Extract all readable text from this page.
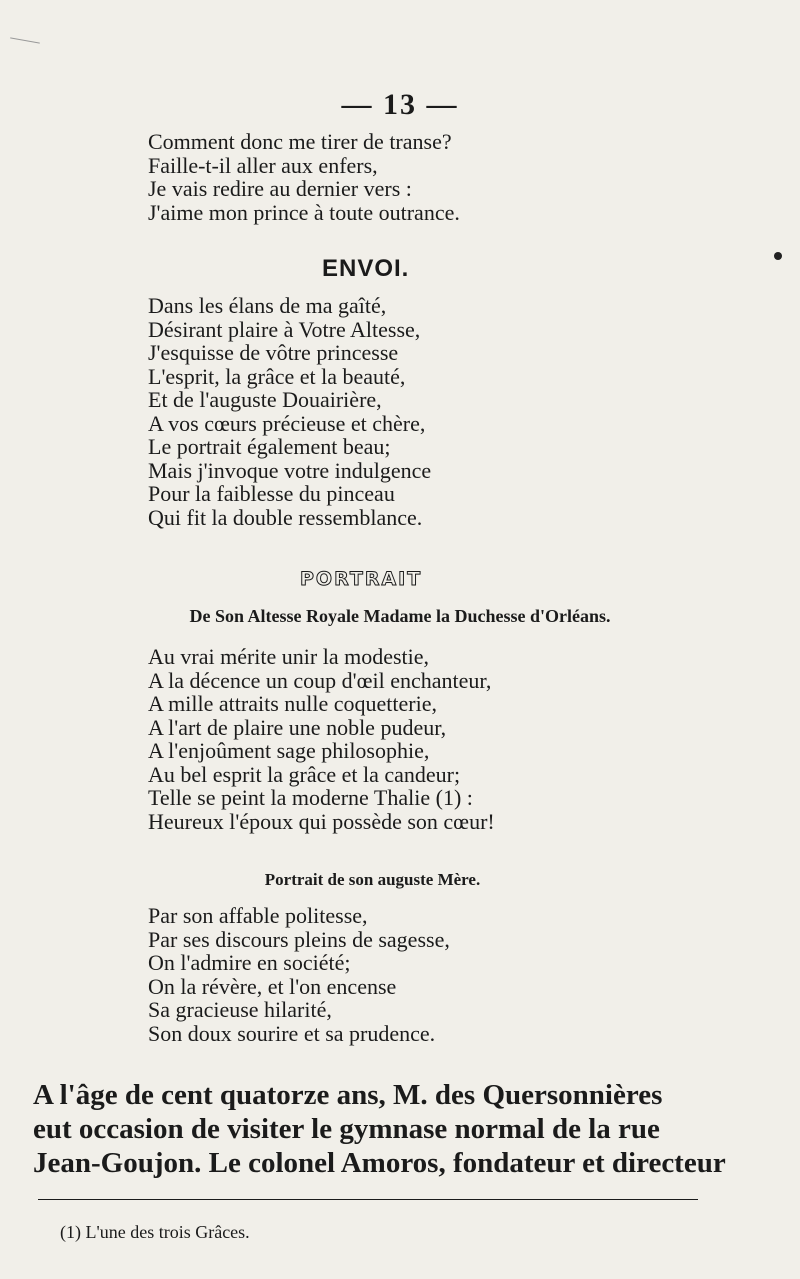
— 13 —
Comment donc me tirer de transe?
Faille-t-il aller aux enfers,
Je vais redire au dernier vers :
J'aime mon prince à toute outrance.
ENVOI.
Dans les élans de ma gaîté,
Désirant plaire à Votre Altesse,
J'esquisse de vôtre princesse
L'esprit, la grâce et la beauté,
Et de l'auguste Douairière,
A vos cœurs précieuse et chère,
Le portrait également beau;
Mais j'invoque votre indulgence
Pour la faiblesse du pinceau
Qui fit la double ressemblance.
PORTRAIT
De Son Altesse Royale Madame la Duchesse d'Orléans.
Au vrai mérite unir la modestie,
A la décence un coup d'œil enchanteur,
A mille attraits nulle coquetterie,
A l'art de plaire une noble pudeur,
A l'enjoûment sage philosophie,
Au bel esprit la grâce et la candeur;
Telle se peint la moderne Thalie (1) :
Heureux l'époux qui possède son cœur!
Portrait de son auguste Mère.
Par son affable politesse,
Par ses discours pleins de sagesse,
On l'admire en société;
On la révère, et l'on encense
Sa gracieuse hilarité,
Son doux sourire et sa prudence.
A l'âge de cent quatorze ans, M. des Quersonnières
eut occasion de visiter le gymnase normal de la rue
Jean-Goujon. Le colonel Amoros, fondateur et directeur
(1) L'une des trois Grâces.
